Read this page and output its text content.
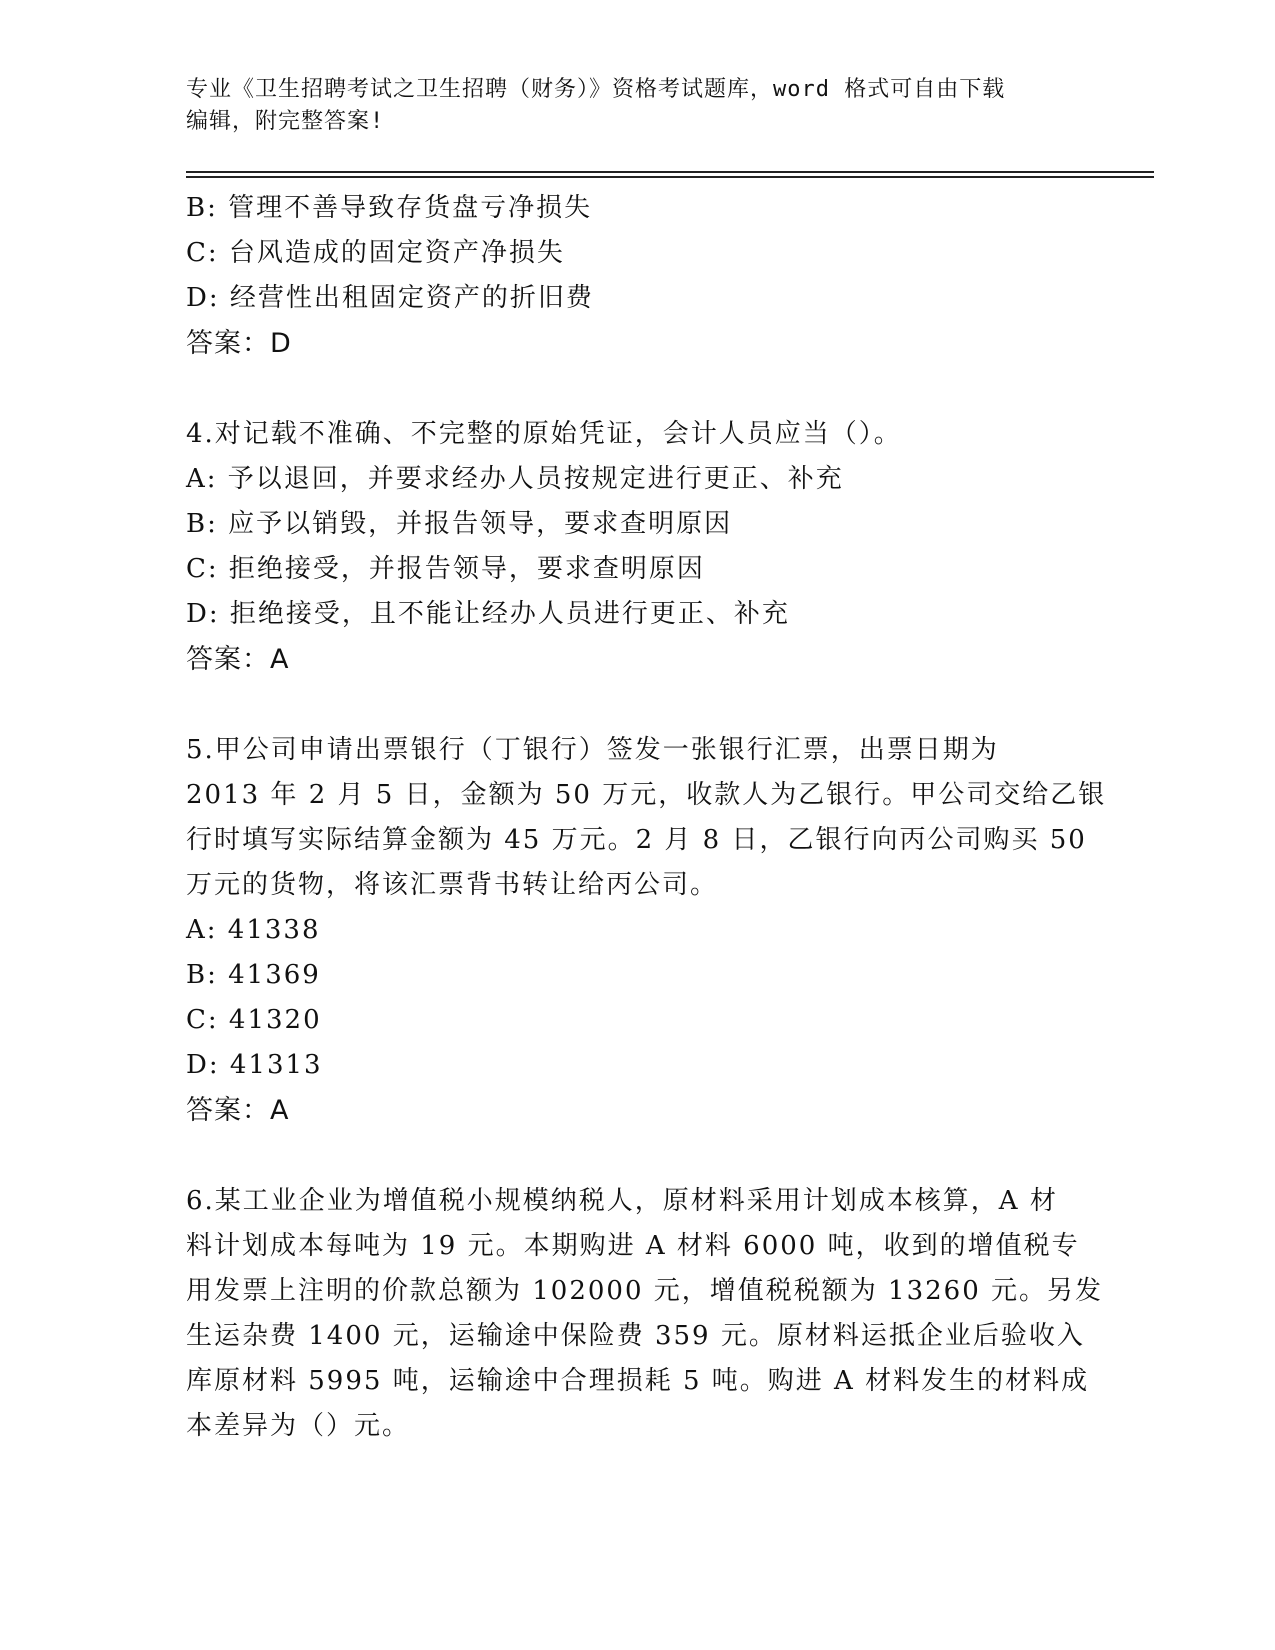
专业《卫生招聘考试之卫生招聘（财务）》资格考试题库，word 格式可自由下载
编辑，附完整答案!
B: 管理不善导致存货盘亏净损失
C: 台风造成的固定资产净损失
D: 经营性出租固定资产的折旧费
答案：D
4.对记载不准确、不完整的原始凭证，会计人员应当（）。
A: 予以退回，并要求经办人员按规定进行更正、补充
B: 应予以销毁，并报告领导，要求查明原因
C: 拒绝接受，并报告领导，要求查明原因
D: 拒绝接受，且不能让经办人员进行更正、补充
答案：A
5.甲公司申请出票银行（丁银行）签发一张银行汇票，出票日期为
2013 年 2 月 5 日，金额为 50 万元，收款人为乙银行。甲公司交给乙银
行时填写实际结算金额为 45 万元。2 月 8 日，乙银行向丙公司购买 50
万元的货物，将该汇票背书转让给丙公司。
A: 41338
B: 41369
C: 41320
D: 41313
答案：A
6.某工业企业为增值税小规模纳税人，原材料采用计划成本核算，A 材
料计划成本每吨为 19 元。本期购进 A 材料 6000 吨，收到的增值税专
用发票上注明的价款总额为 102000 元，增值税税额为 13260 元。另发
生运杂费 1400 元，运输途中保险费 359 元。原材料运抵企业后验收入
库原材料 5995 吨，运输途中合理损耗 5 吨。购进 A 材料发生的材料成
本差异为（）元。
